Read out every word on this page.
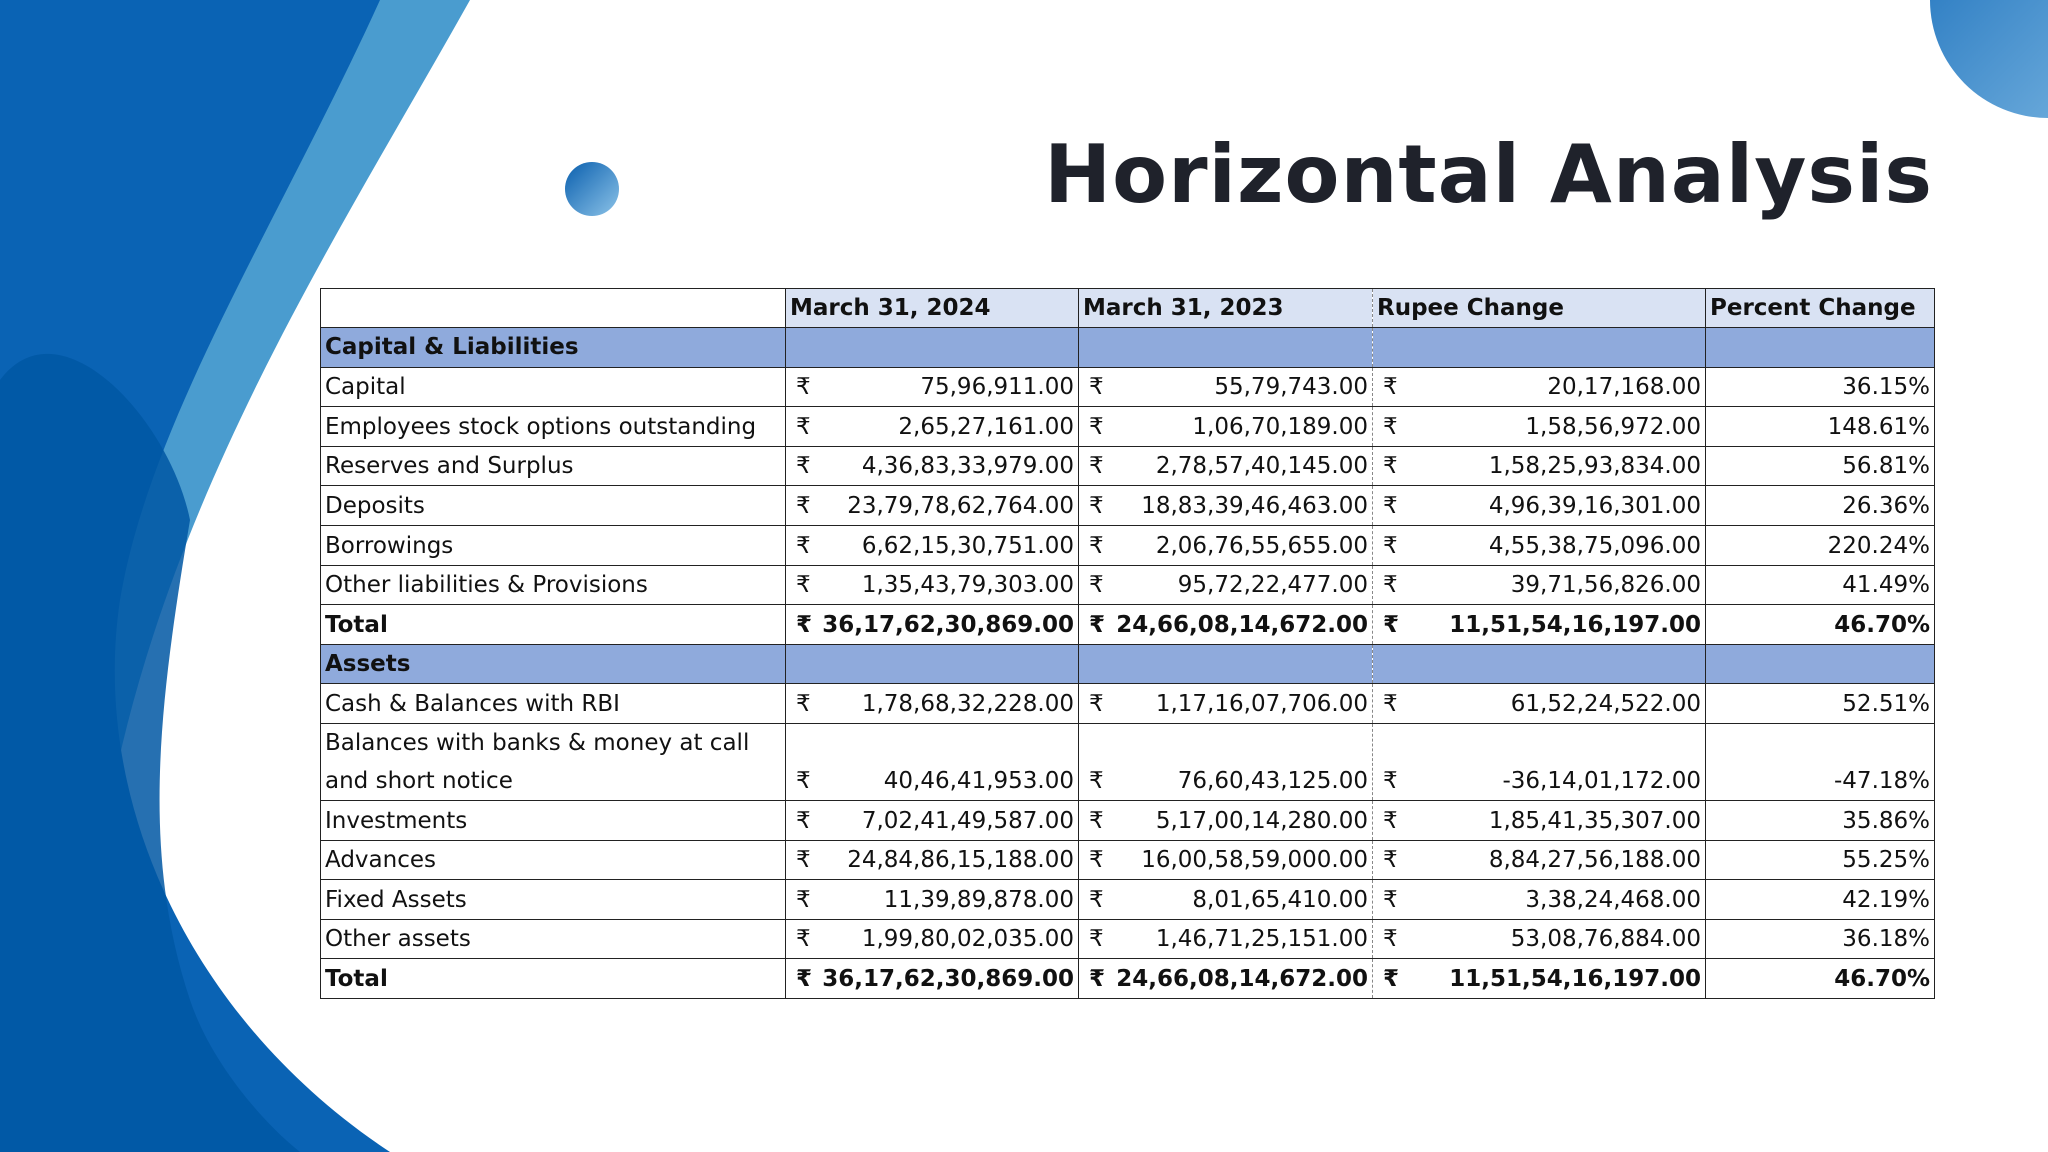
Horizontal Analysis
	March 31, 2024	March 31, 2023	Rupee Change	Percent Change
Capital & Liabilities				
Capital	₹ 75,96,911.00	₹ 55,79,743.00	₹ 20,17,168.00	36.15%
Employees stock options outstanding	₹ 2,65,27,161.00	₹ 1,06,70,189.00	₹ 1,58,56,972.00	148.61%
Reserves and Surplus	₹ 4,36,83,33,979.00	₹ 2,78,57,40,145.00	₹ 1,58,25,93,834.00	56.81%
Deposits	₹ 23,79,78,62,764.00	₹ 18,83,39,46,463.00	₹ 4,96,39,16,301.00	26.36%
Borrowings	₹ 6,62,15,30,751.00	₹ 2,06,76,55,655.00	₹ 4,55,38,75,096.00	220.24%
Other liabilities & Provisions	₹ 1,35,43,79,303.00	₹ 95,72,22,477.00	₹ 39,71,56,826.00	41.49%
Total	₹ 36,17,62,30,869.00	₹ 24,66,08,14,672.00	₹ 11,51,54,16,197.00	46.70%
Assets				
Cash & Balances with RBI	₹ 1,78,68,32,228.00	₹ 1,17,16,07,706.00	₹ 61,52,24,522.00	52.51%
Balances with banks & money at call and short notice	₹ 40,46,41,953.00	₹ 76,60,43,125.00	₹ -36,14,01,172.00	-47.18%
Investments	₹ 7,02,41,49,587.00	₹ 5,17,00,14,280.00	₹ 1,85,41,35,307.00	35.86%
Advances	₹ 24,84,86,15,188.00	₹ 16,00,58,59,000.00	₹ 8,84,27,56,188.00	55.25%
Fixed Assets	₹ 11,39,89,878.00	₹ 8,01,65,410.00	₹ 3,38,24,468.00	42.19%
Other assets	₹ 1,99,80,02,035.00	₹ 1,46,71,25,151.00	₹ 53,08,76,884.00	36.18%
Total	₹ 36,17,62,30,869.00	₹ 24,66,08,14,672.00	₹ 11,51,54,16,197.00	46.70%
